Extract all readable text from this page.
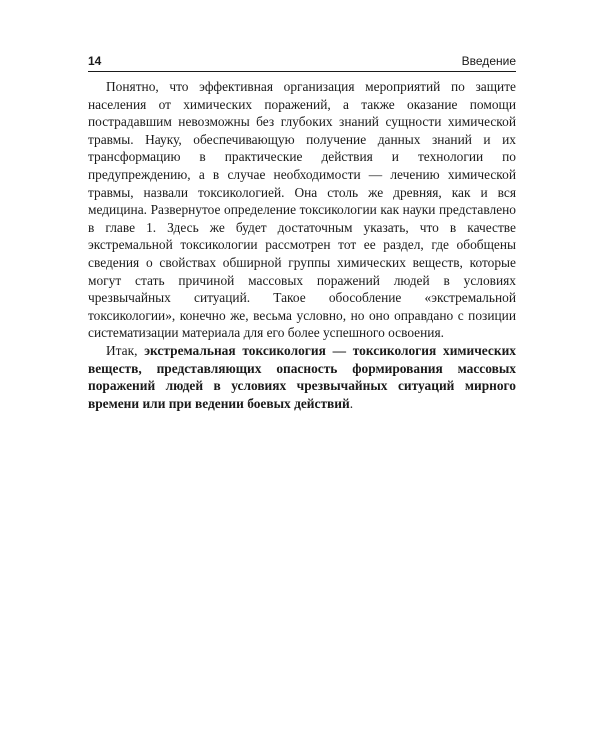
14	Введение

Понятно, что эффективная организация мероприятий по защите населения от химических поражений, а также оказание помощи пострадавшим невозможны без глубоких знаний сущности химической травмы. Науку, обеспечивающую получение данных знаний и их трансформацию в практические действия и технологии по предупреждению, а в случае необходимости — лечению химической травмы, назвали токсикологией. Она столь же древняя, как и вся медицина. Развернутое определение токсикологии как науки представлено в главе 1. Здесь же будет достаточным указать, что в качестве экстремальной токсикологии рассмотрен тот ее раздел, где обобщены сведения о свойствах обширной группы химических веществ, которые могут стать причиной массовых поражений людей в условиях чрезвычайных ситуаций. Такое обособление «экстремальной токсикологии», конечно же, весьма условно, но оно оправдано с позиции систематизации материала для его более успешного освоения.

Итак, экстремальная токсикология — токсикология химических веществ, представляющих опасность формирования массовых поражений людей в условиях чрезвычайных ситуаций мирного времени или при ведении боевых действий.
